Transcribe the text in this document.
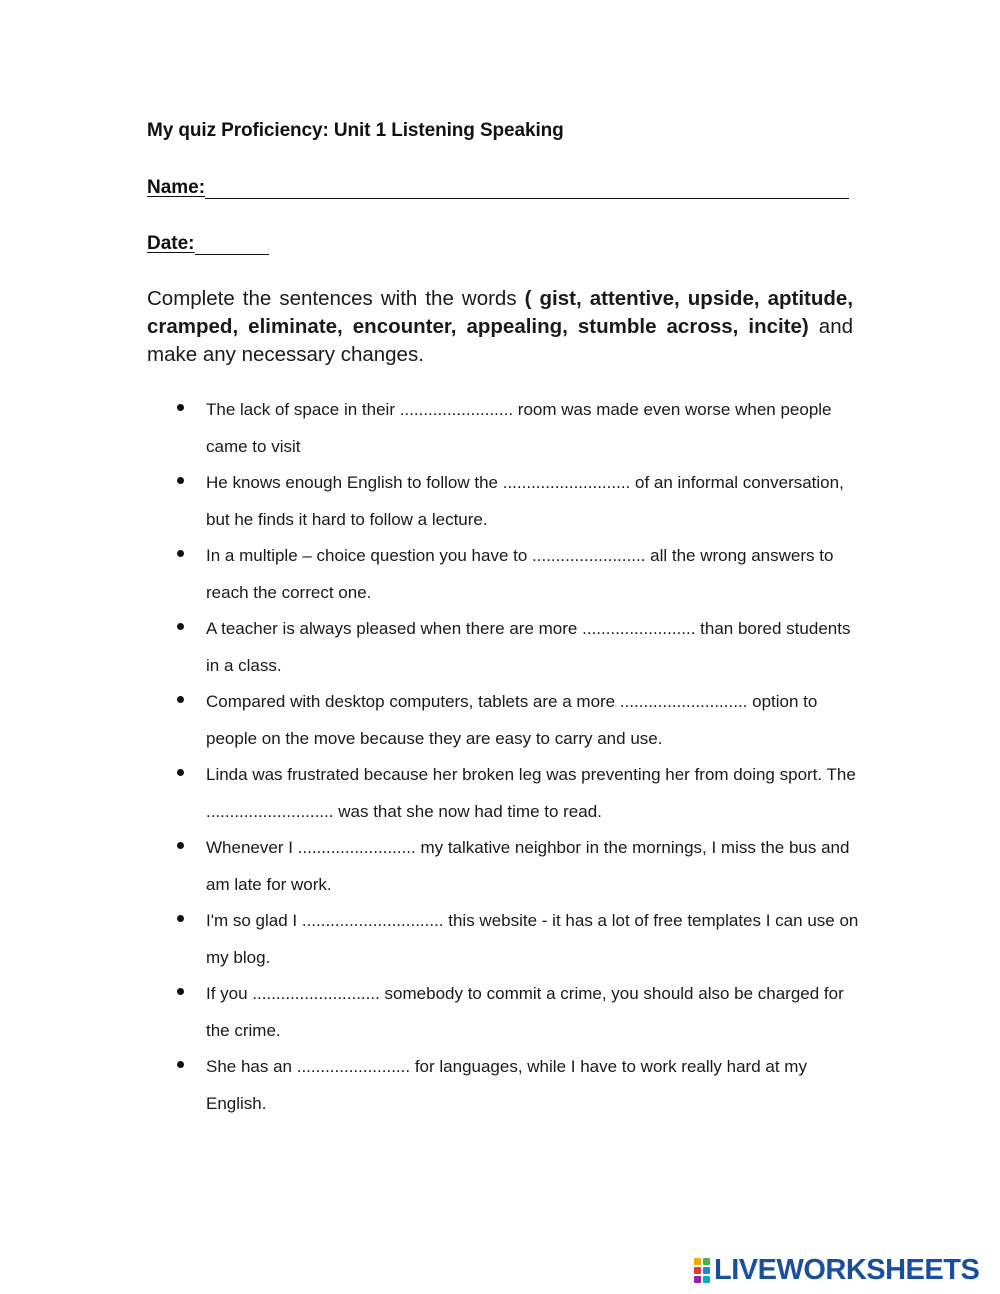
My quiz Proficiency: Unit 1 Listening Speaking
Name:
Date:
Complete the sentences with the words ( gist, attentive, upside, aptitude, cramped, eliminate, encounter, appealing, stumble across, incite) and make any necessary changes.
The lack of space in their ........................ room was made even worse when people came to visit
He knows enough English to follow the ........................... of an informal conversation, but he finds it hard to follow a lecture.
In a multiple – choice question you have to ........................ all the wrong answers to reach the correct one.
A teacher is always pleased when there are more ........................ than bored students in a class.
Compared with desktop computers, tablets are a more ........................... option to people on the move because they are easy to carry and use.
Linda was frustrated because her broken leg was preventing her from doing sport. The ........................... was that she now had time to read.
Whenever I ......................... my talkative neighbor in the mornings, I miss the bus and am late for work.
I'm so glad I .............................. this website - it has a lot of free templates I can use on my blog.
If you ........................... somebody to commit a crime, you should also be charged for the crime.
She has an ........................ for languages, while I have to work really hard at my English.
LIVEWORKSHEETS
